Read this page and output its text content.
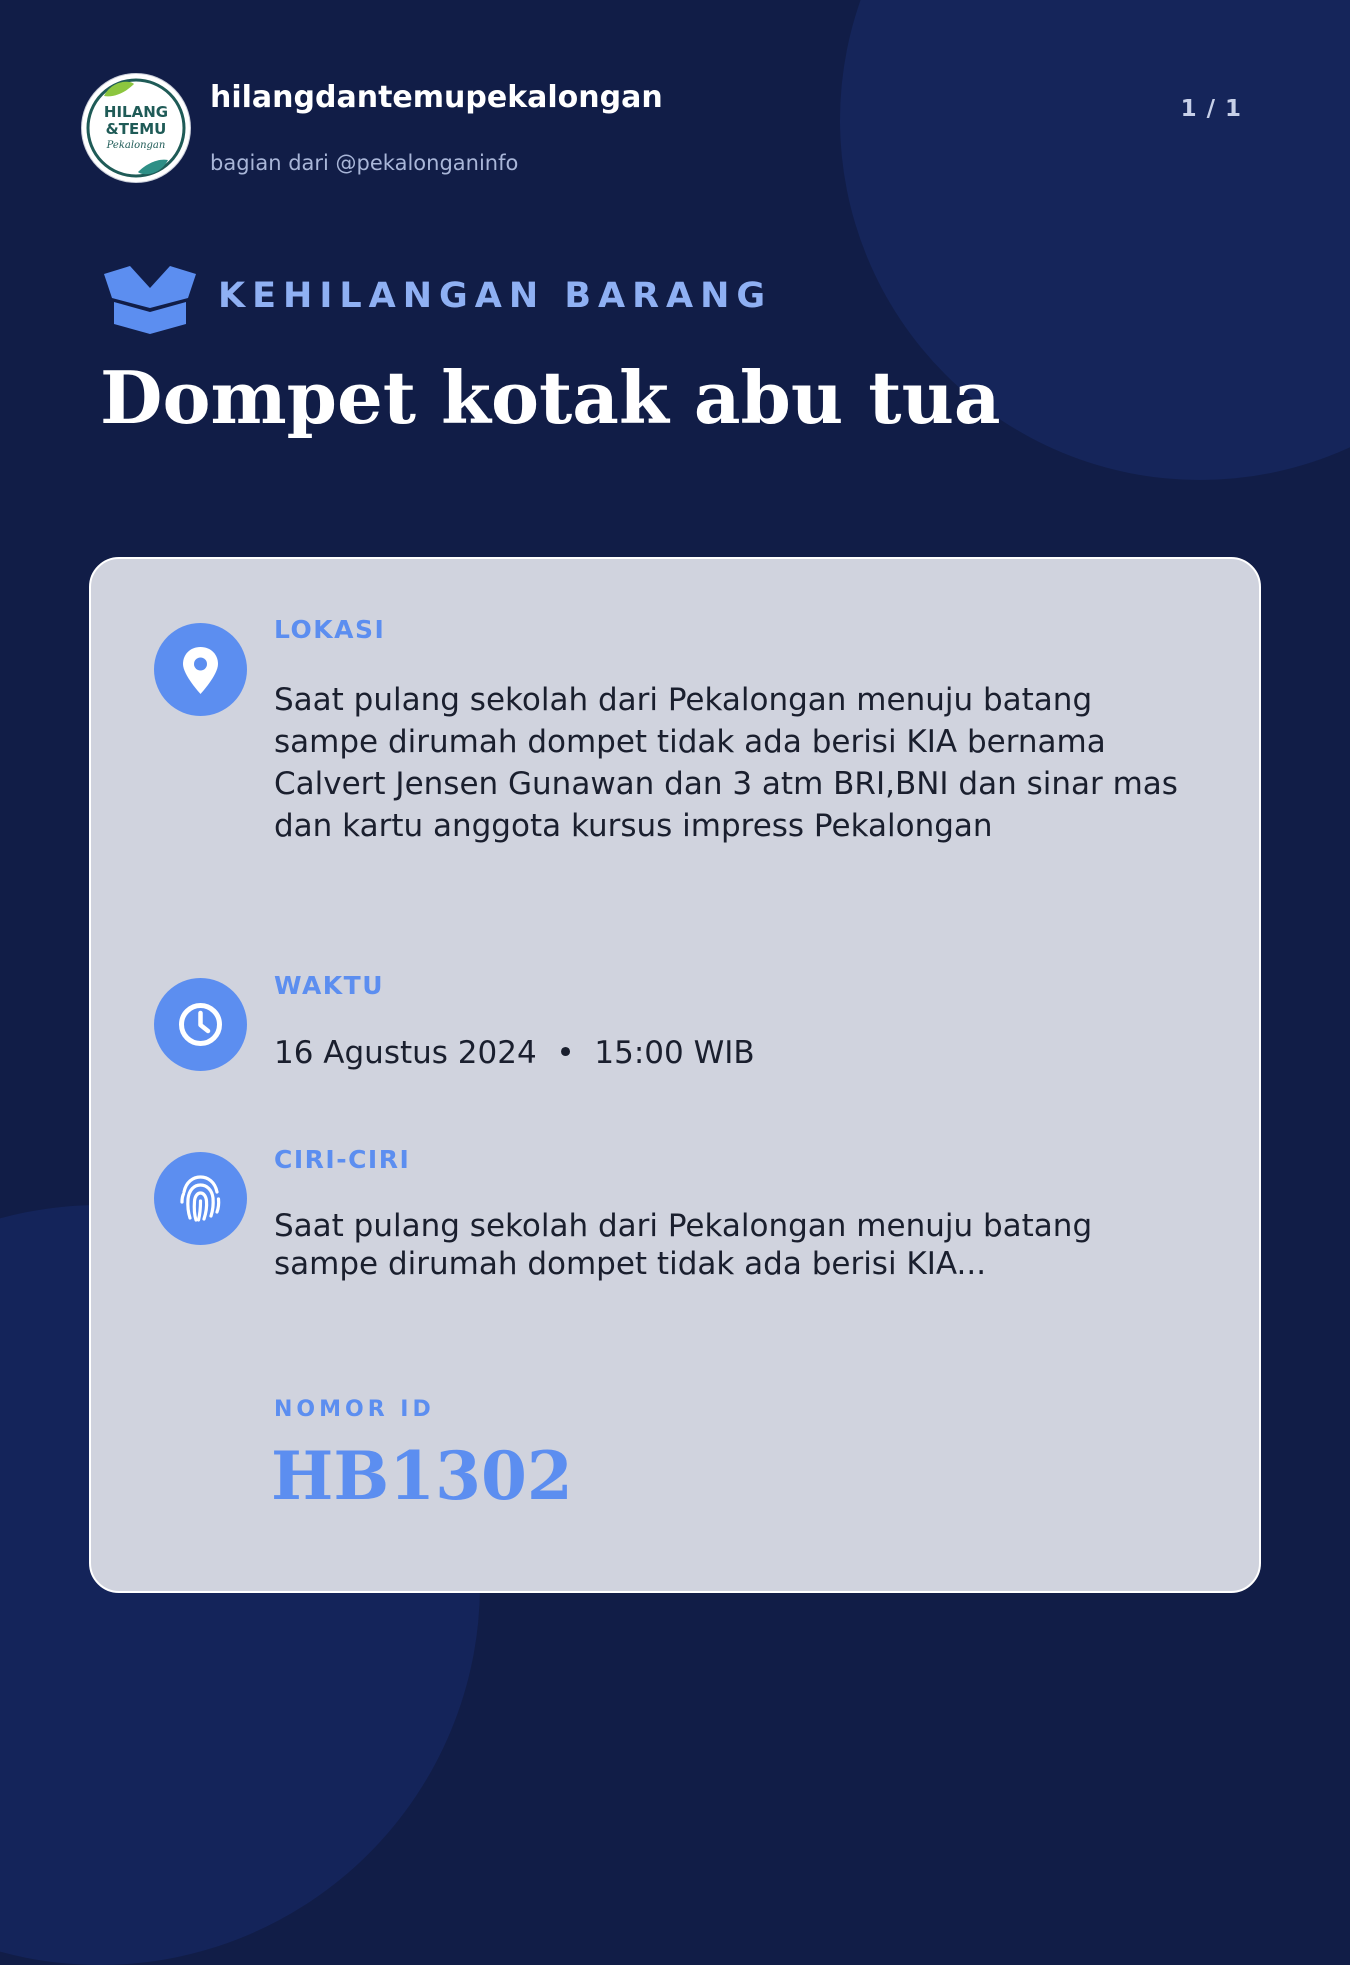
HILANG
&TEMU
Pekalongan
hilangdantemupekalongan
bagian dari @pekalonganinfo
1 / 1
KEHILANGAN BARANG
Dompet kotak abu tua
LOKASI
Saat pulang sekolah dari Pekalongan menuju batang sampe dirumah dompet tidak ada berisi KIA bernama Calvert Jensen Gunawan dan 3 atm BRI,BNI dan sinar mas dan kartu anggota kursus impress Pekalongan
WAKTU
16 Agustus 2024  •  15:00 WIB
CIRI-CIRI
Saat pulang sekolah dari Pekalongan menuju batang sampe dirumah dompet tidak ada berisi KIA...
NOMOR ID
HB1302
